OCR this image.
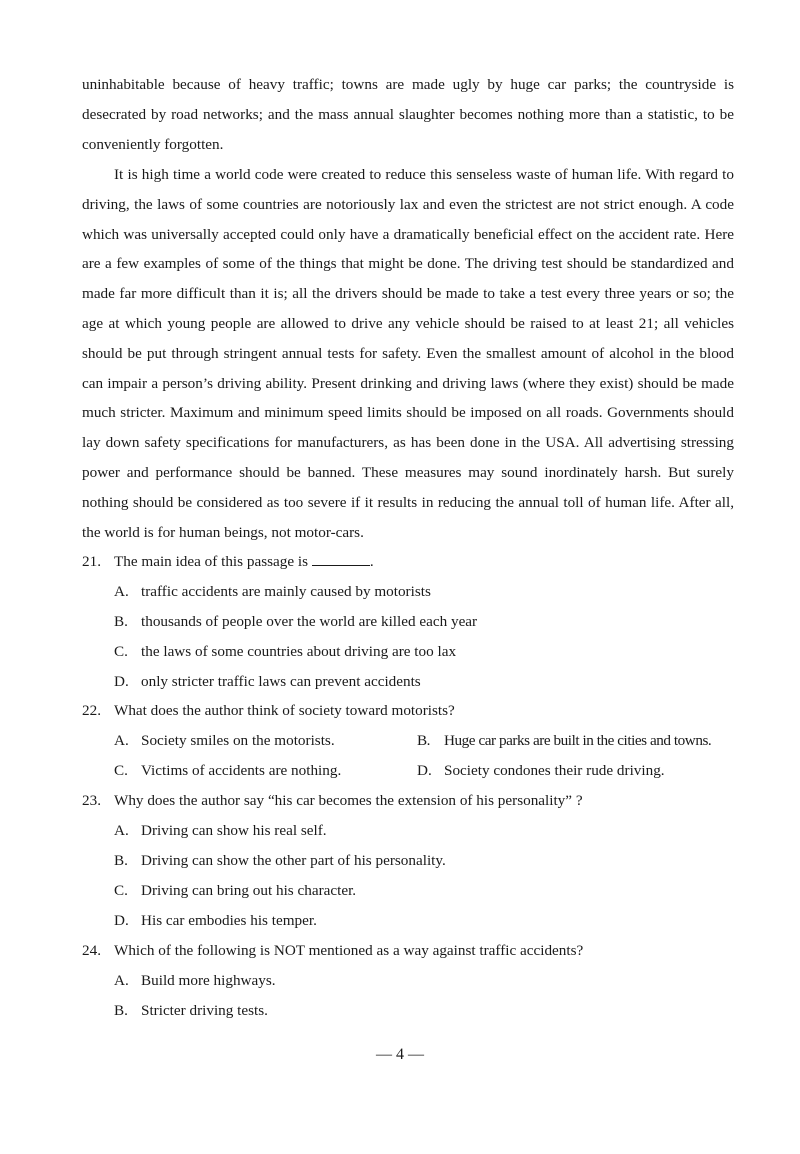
uninhabitable because of heavy traffic; towns are made ugly by huge car parks; the countryside is desecrated by road networks; and the mass annual slaughter becomes nothing more than a statistic, to be conveniently forgotten.

It is high time a world code were created to reduce this senseless waste of human life. With regard to driving, the laws of some countries are notoriously lax and even the strictest are not strict enough. A code which was universally accepted could only have a dramatically beneficial effect on the accident rate. Here are a few examples of some of the things that might be done. The driving test should be standardized and made far more difficult than it is; all the drivers should be made to take a test every three years or so; the age at which young people are allowed to drive any vehicle should be raised to at least 21; all vehicles should be put through stringent annual tests for safety. Even the smallest amount of alcohol in the blood can impair a person’s driving ability. Present drinking and driving laws (where they exist) should be made much stricter. Maximum and minimum speed limits should be imposed on all roads. Governments should lay down safety specifications for manufacturers, as has been done in the USA. All advertising stressing power and performance should be banned. These measures may sound inordinately harsh. But surely nothing should be considered as too severe if it results in reducing the annual toll of human life. After all, the world is for human beings, not motor-cars.

21. The main idea of this passage is	.
A. traffic accidents are mainly caused by motorists
B. thousands of people over the world are killed each year
C. the laws of some countries about driving are too lax
D. only stricter traffic laws can prevent accidents
22. What does the author think of society toward motorists?
A. Society smiles on the motorists.	B. Huge car parks are built in the cities and towns.
C. Victims of accidents are nothing.	D. Society condones their rude driving.
23. Why does the author say “his car becomes the extension of his personality” ?
A. Driving can show his real self.
B. Driving can show the other part of his personality.
C. Driving can bring out his character.
D. His car embodies his temper.
24. Which of the following is NOT mentioned as a way against traffic accidents?
A. Build more highways.
B. Stricter driving tests.
— 4 —
